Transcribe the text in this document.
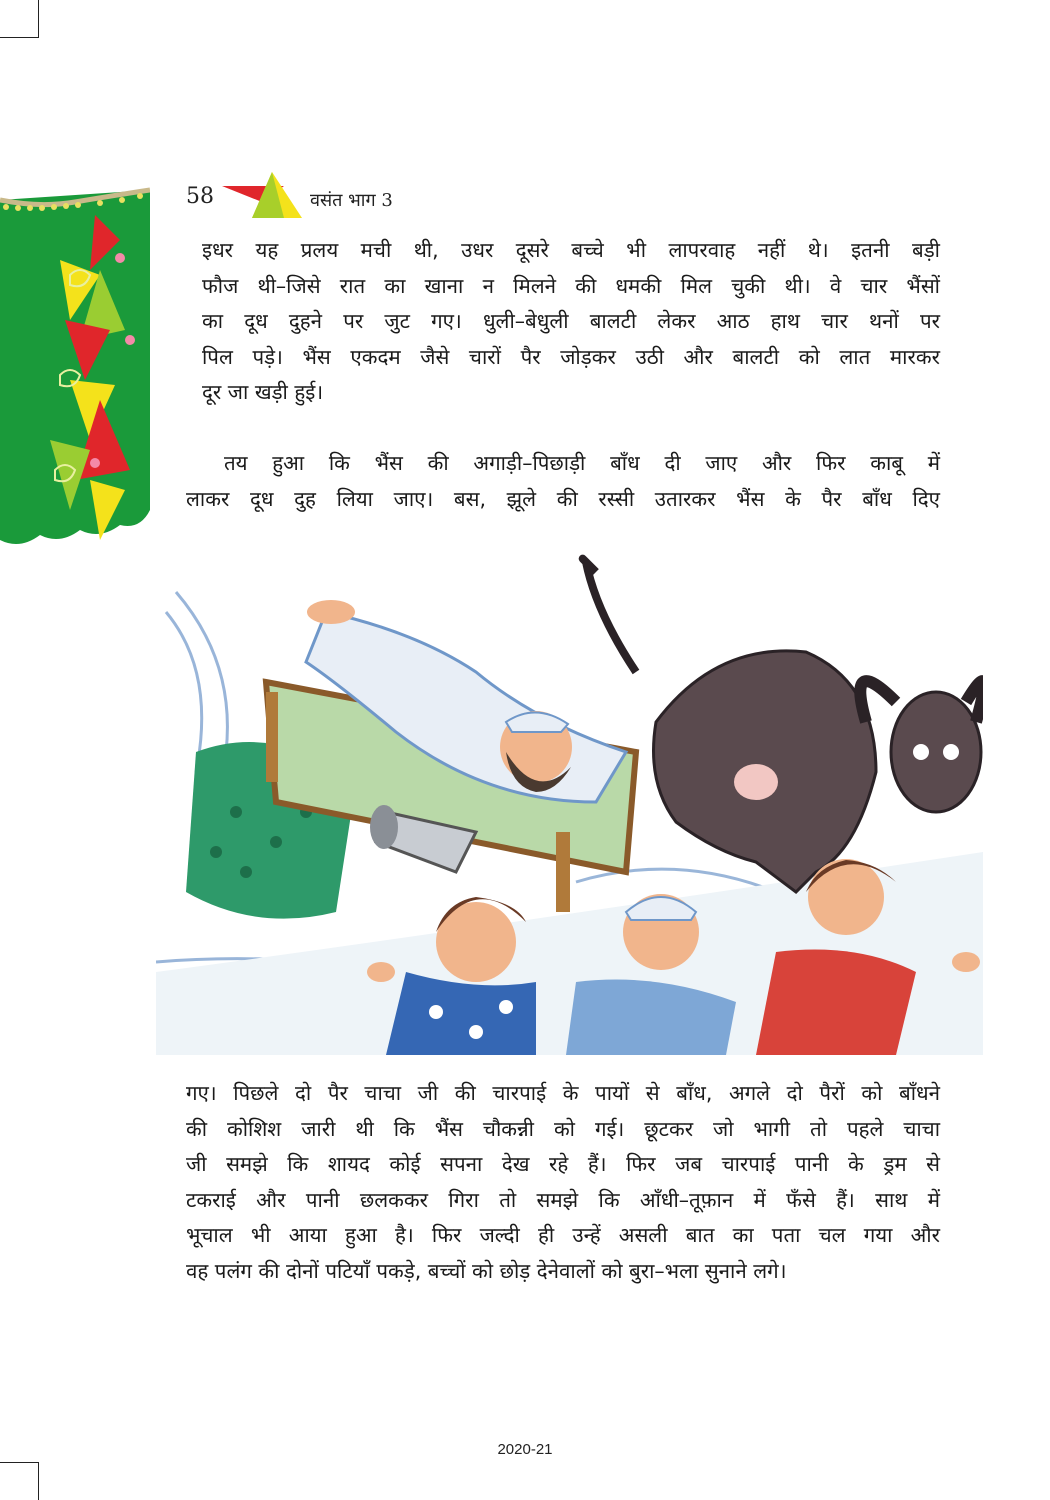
58	वसंत भाग 3
इधर यह प्रलय मची थी, उधर दूसरे बच्चे भी लापरवाह नहीं थे। इतनी बड़ी
फौज थी–जिसे रात का खाना न मिलने की धमकी मिल चुकी थी। वे चार भैंसों
का दूध दुहने पर जुट गए। धुली–बेधुली बालटी लेकर आठ हाथ चार थनों पर
पिल पड़े। भैंस एकदम जैसे चारों पैर जोड़कर उठी और बालटी को लात मारकर
दूर जा खड़ी हुई।
तय हुआ कि भैंस की अगाड़ी–पिछाड़ी बाँध दी जाए और फिर काबू में
लाकर दूध दुह लिया जाए। बस, झूले की रस्सी उतारकर भैंस के पैर बाँध दिए
गए। पिछले दो पैर चाचा जी की चारपाई के पायों से बाँध, अगले दो पैरों को बाँधने
की कोशिश जारी थी कि भैंस चौकन्नी को गई। छूटकर जो भागी तो पहले चाचा
जी समझे कि शायद कोई सपना देख रहे हैं। फिर जब चारपाई पानी के ड्रम से
टकराई और पानी छलककर गिरा तो समझे कि आँधी–तूफ़ान में फँसे हैं। साथ में
भूचाल भी आया हुआ है। फिर जल्दी ही उन्हें असली बात का पता चल गया और
वह पलंग की दोनों पटियाँ पकड़े, बच्चों को छोड़ देनेवालों को बुरा–भला सुनाने लगे।
2020-21
